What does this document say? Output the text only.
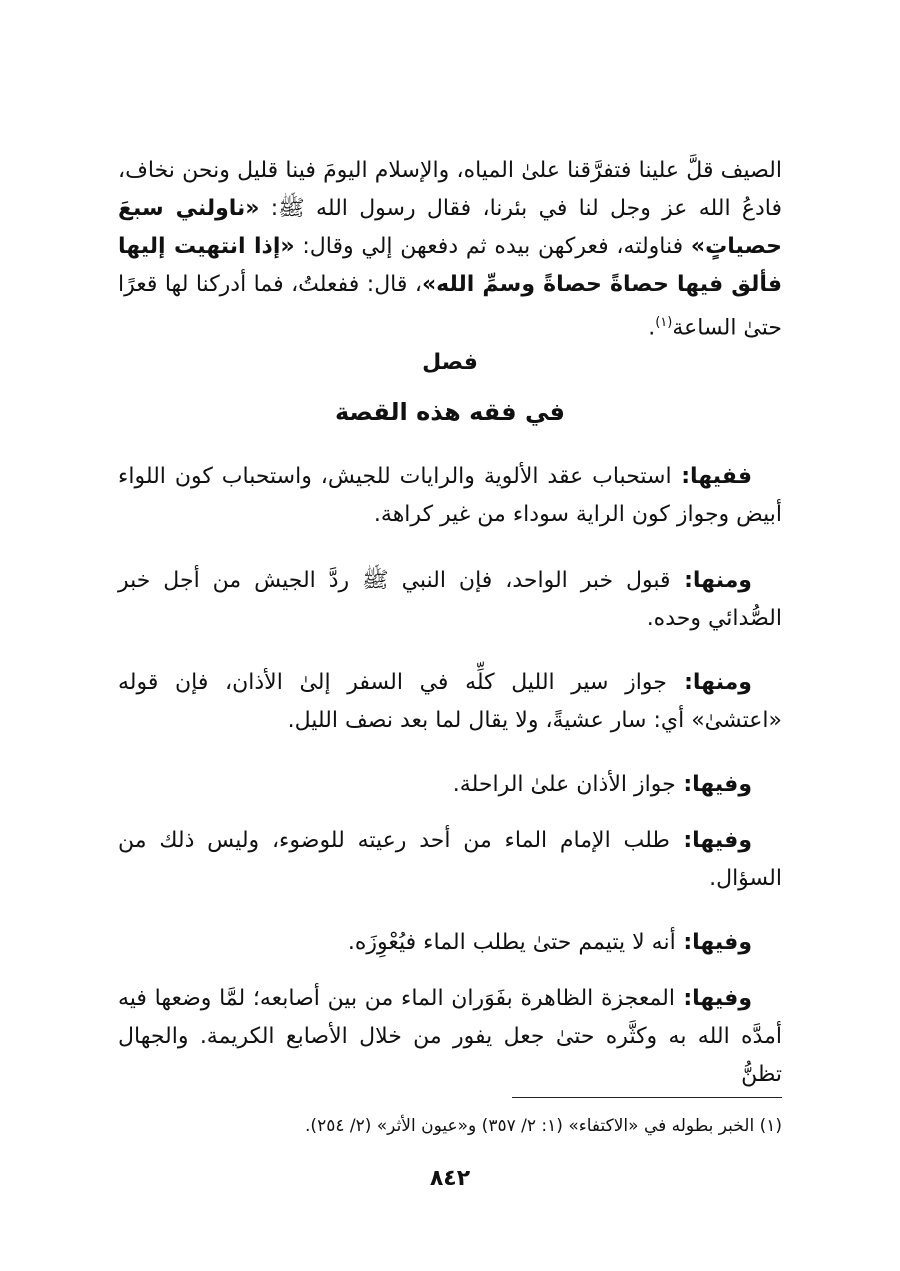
الصيف قلَّ علينا فتفرَّقنا علىٰ المياه، والإسلام اليومَ فينا قليل ونحن نخاف، فادعُ الله عز وجل لنا في بئرنا، فقال رسول الله ﷺ: «ناولني سبعَ حصياتٍ» فناولته، فعركهن بيده ثم دفعهن إلي وقال: «إذا انتهيت إليها فألق فيها حصاةً حصاةً وسمِّ الله»، قال: ففعلتُ، فما أدركنا لها قعرًا حتىٰ الساعة$^{(١)}$.

فصل
في فقه هذه القصة

ففيها: استحباب عقد الألوية والرايات للجيش، واستحباب كون اللواء أبيض وجواز كون الراية سوداء من غير كراهة.

ومنها: قبول خبر الواحد، فإن النبي ﷺ ردَّ الجيش من أجل خبر الصُّدائي وحده.

ومنها: جواز سير الليل كلِّه في السفر إلىٰ الأذان، فإن قوله «اعتشىٰ» أي: سار عشيةً، ولا يقال لما بعد نصف الليل.

وفيها: جواز الأذان علىٰ الراحلة.

وفيها: طلب الإمام الماء من أحد رعيته للوضوء، وليس ذلك من السؤال.

وفيها: أنه لا يتيمم حتىٰ يطلب الماء فيُعْوِزَه.

وفيها: المعجزة الظاهرة بفَوَران الماء من بين أصابعه؛ لمَّا وضعها فيه أمدَّه الله به وكثَّره حتىٰ جعل يفور من خلال الأصابع الكريمة. والجهال تظنُّ

(١) الخبر بطوله في «الاكتفاء» (١: ٢/ ٣٥٧) و«عيون الأثر» (٢/ ٢٥٤).
٨٤٢
